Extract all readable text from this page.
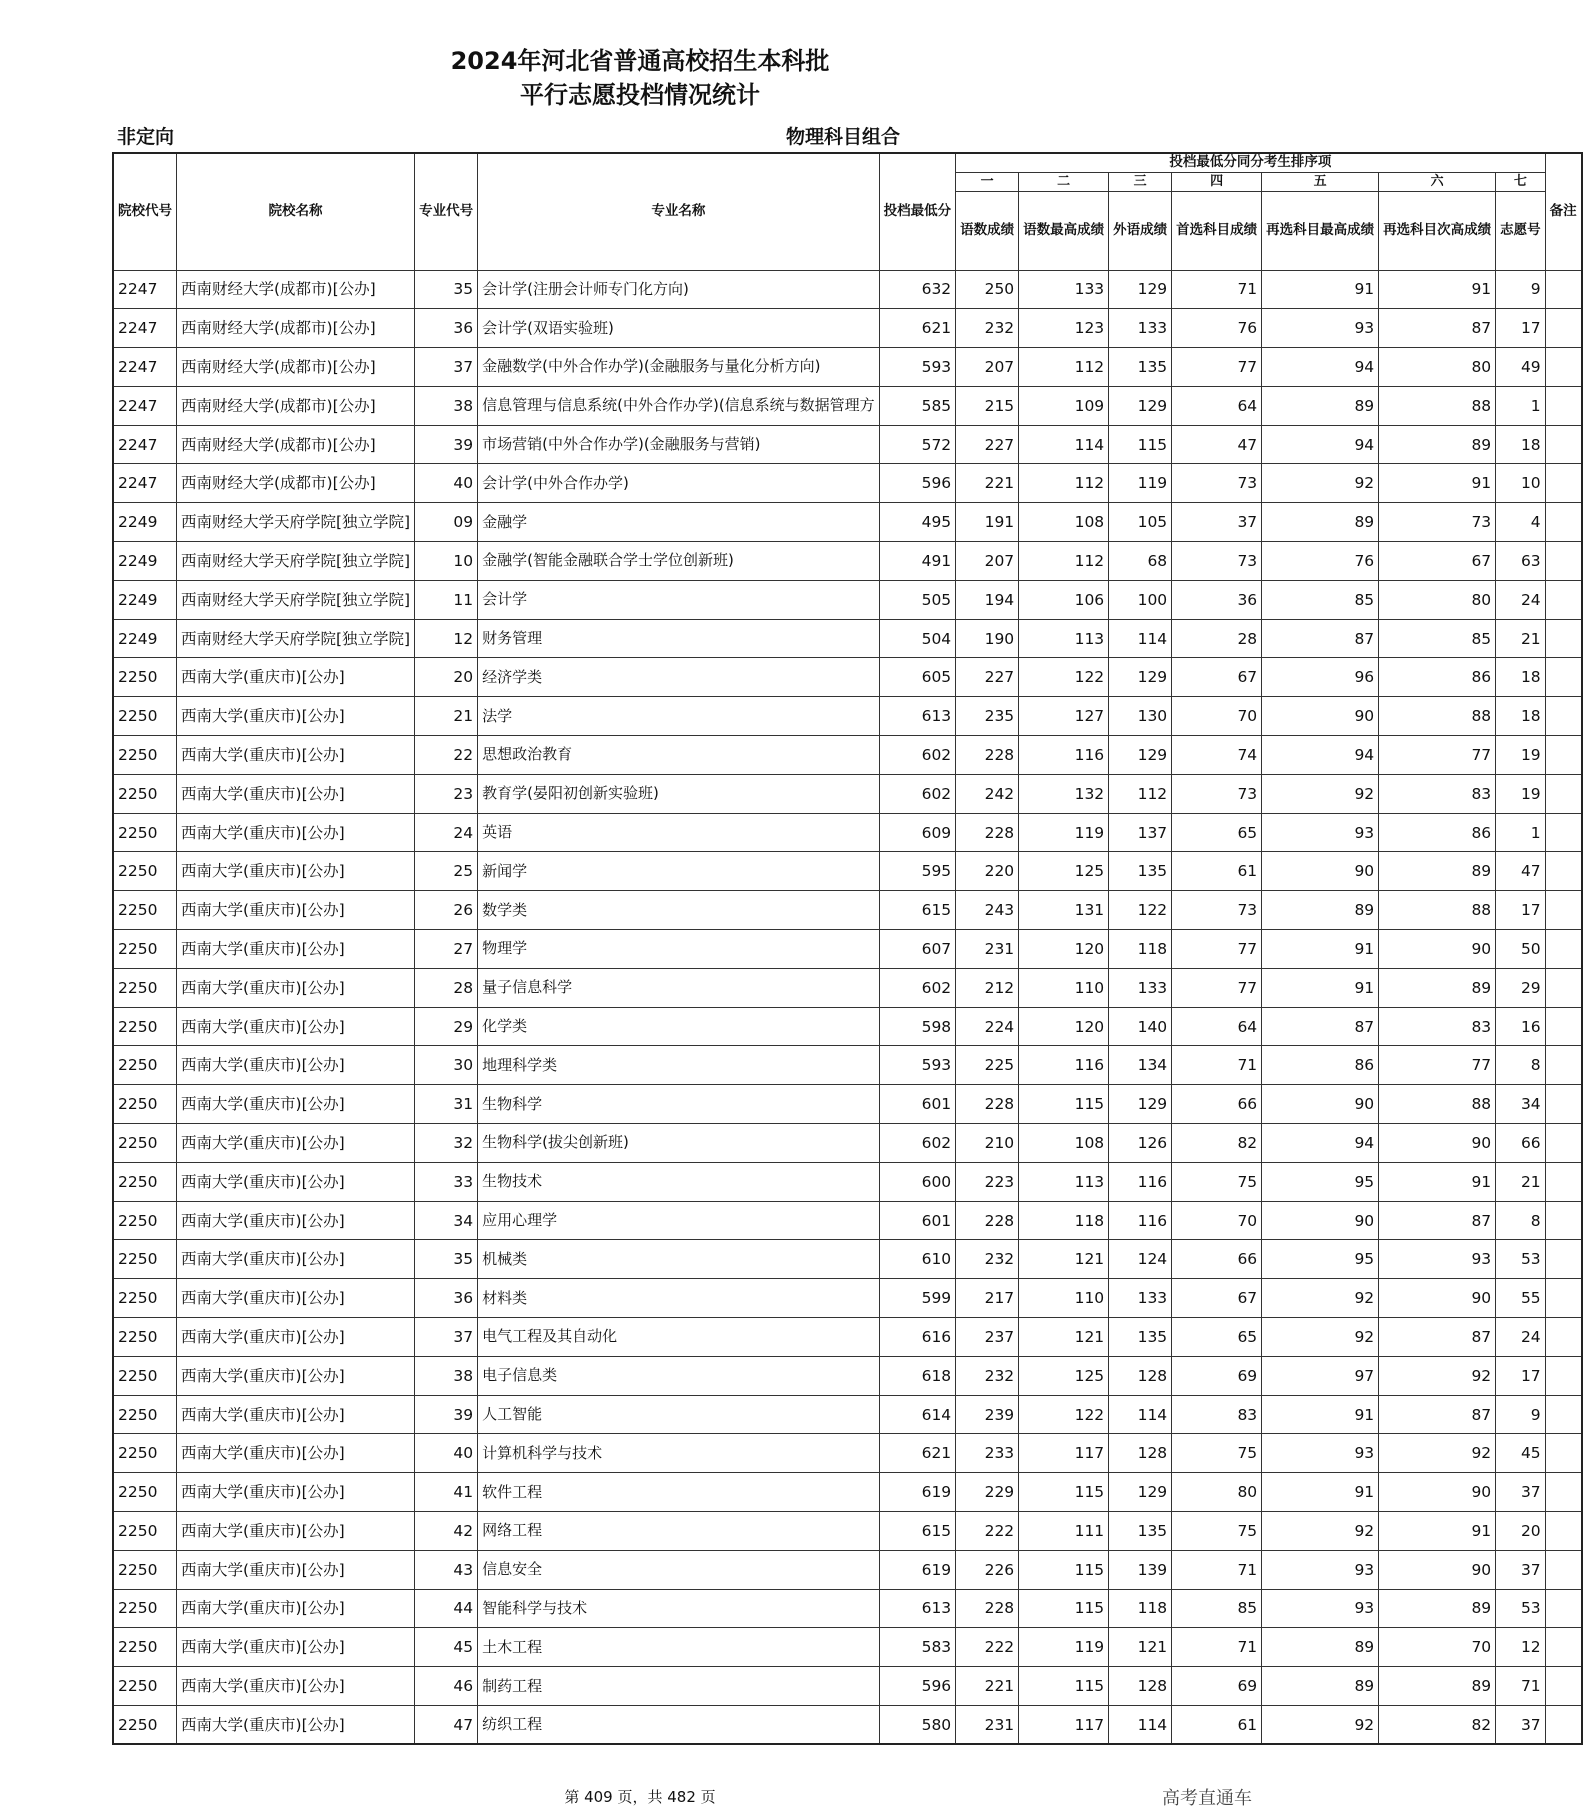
2024年河北省普通高校招生本科批
平行志愿投档情况统计
非定向	物理科目组合
院校代号	院校名称	专业代号	专业名称	投档最低分	投档最低分同分考生排序项							备注
					一	二	三	四	五	六	七	
					语数成绩	语数最高成绩	外语成绩	首选科目成绩	再选科目最高成绩	再选科目次高成绩	志愿号	
2247	西南财经大学(成都市)[公办]	35	会计学(注册会计师专门化方向)	632	250	133	129	71	91	91	9	
2247	西南财经大学(成都市)[公办]	36	会计学(双语实验班)	621	232	123	133	76	93	87	17	
2247	西南财经大学(成都市)[公办]	37	金融数学(中外合作办学)(金融服务与量化分析方向)	593	207	112	135	77	94	80	49	
2247	西南财经大学(成都市)[公办]	38	信息管理与信息系统(中外合作办学)(信息系统与数据管理方	585	215	109	129	64	89	88	1	
2247	西南财经大学(成都市)[公办]	39	市场营销(中外合作办学)(金融服务与营销)	572	227	114	115	47	94	89	18	
2247	西南财经大学(成都市)[公办]	40	会计学(中外合作办学)	596	221	112	119	73	92	91	10	
2249	西南财经大学天府学院[独立学院]	09	金融学	495	191	108	105	37	89	73	4	
2249	西南财经大学天府学院[独立学院]	10	金融学(智能金融联合学士学位创新班)	491	207	112	68	73	76	67	63	
2249	西南财经大学天府学院[独立学院]	11	会计学	505	194	106	100	36	85	80	24	
2249	西南财经大学天府学院[独立学院]	12	财务管理	504	190	113	114	28	87	85	21	
2250	西南大学(重庆市)[公办]	20	经济学类	605	227	122	129	67	96	86	18	
2250	西南大学(重庆市)[公办]	21	法学	613	235	127	130	70	90	88	18	
2250	西南大学(重庆市)[公办]	22	思想政治教育	602	228	116	129	74	94	77	19	
2250	西南大学(重庆市)[公办]	23	教育学(晏阳初创新实验班)	602	242	132	112	73	92	83	19	
2250	西南大学(重庆市)[公办]	24	英语	609	228	119	137	65	93	86	1	
2250	西南大学(重庆市)[公办]	25	新闻学	595	220	125	135	61	90	89	47	
2250	西南大学(重庆市)[公办]	26	数学类	615	243	131	122	73	89	88	17	
2250	西南大学(重庆市)[公办]	27	物理学	607	231	120	118	77	91	90	50	
2250	西南大学(重庆市)[公办]	28	量子信息科学	602	212	110	133	77	91	89	29	
2250	西南大学(重庆市)[公办]	29	化学类	598	224	120	140	64	87	83	16	
2250	西南大学(重庆市)[公办]	30	地理科学类	593	225	116	134	71	86	77	8	
2250	西南大学(重庆市)[公办]	31	生物科学	601	228	115	129	66	90	88	34	
2250	西南大学(重庆市)[公办]	32	生物科学(拔尖创新班)	602	210	108	126	82	94	90	66	
2250	西南大学(重庆市)[公办]	33	生物技术	600	223	113	116	75	95	91	21	
2250	西南大学(重庆市)[公办]	34	应用心理学	601	228	118	116	70	90	87	8	
2250	西南大学(重庆市)[公办]	35	机械类	610	232	121	124	66	95	93	53	
2250	西南大学(重庆市)[公办]	36	材料类	599	217	110	133	67	92	90	55	
2250	西南大学(重庆市)[公办]	37	电气工程及其自动化	616	237	121	135	65	92	87	24	
2250	西南大学(重庆市)[公办]	38	电子信息类	618	232	125	128	69	97	92	17	
2250	西南大学(重庆市)[公办]	39	人工智能	614	239	122	114	83	91	87	9	
2250	西南大学(重庆市)[公办]	40	计算机科学与技术	621	233	117	128	75	93	92	45	
2250	西南大学(重庆市)[公办]	41	软件工程	619	229	115	129	80	91	90	37	
2250	西南大学(重庆市)[公办]	42	网络工程	615	222	111	135	75	92	91	20	
2250	西南大学(重庆市)[公办]	43	信息安全	619	226	115	139	71	93	90	37	
2250	西南大学(重庆市)[公办]	44	智能科学与技术	613	228	115	118	85	93	89	53	
2250	西南大学(重庆市)[公办]	45	土木工程	583	222	119	121	71	89	70	12	
2250	西南大学(重庆市)[公办]	46	制药工程	596	221	115	128	69	89	89	71	
2250	西南大学(重庆市)[公办]	47	纺织工程	580	231	117	114	61	92	82	37	
第 409 页，共 482 页	高考直通车
